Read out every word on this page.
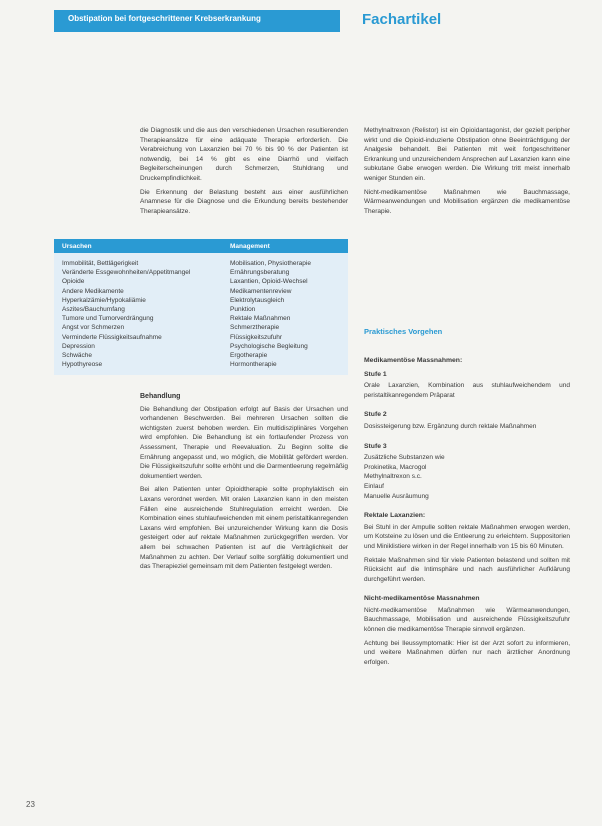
Obstipation bei fortgeschrittener Krebserkrankung	Fachartikel

die Diagnostik und die aus den verschiedenen Ursachen resultierenden Therapieansätze für eine adäquate Therapie erforderlich. Die Verabreichung von Laxanzien bei 70 % bis 90 % der Patienten ist notwendig, bei 14 % gibt es eine Diarrhö und vielfach Begleiterscheinungen durch Schmerzen, Stuhldrang und Druckempfindlichkeit.

Die Erkennung der Belastung besteht aus einer ausführlichen Anamnese für die Diagnose und die Erkundung bereits bestehender Therapieansätze.

Ursachen	Management
Immobilität, Bettlägerigkeit
Veränderte Essgewohnheiten/Appetitmangel
Opioide
Andere Medikamente
Hyperkalzämie/Hypokaliämie
Aszites/Bauchumfang
Tumore und Tumorverdrängung
Angst vor Schmerzen
Verminderte Flüssigkeitsaufnahme
Depression
Schwäche
Hypothyreose
Mobilisation, Physiotherapie
Ernährungsberatung
Laxantien, Opioid-Wechsel
Medikamentenreview
Elektrolytausgleich
Punktion
Rektale Maßnahmen
Schmerztherapie
Flüssigkeitszufuhr
Psychologische Begleitung
Ergotherapie
Hormontherapie
Behandlung

Die Behandlung der Obstipation erfolgt auf Basis der Ursachen und vorhandenen Beschwerden. Bei mehreren Ursachen sollten die wichtigsten zuerst behoben werden. Ein multidisziplinäres Vorgehen wird empfohlen. Die Behandlung ist ein fortlaufender Prozess von Assessment, Therapie und Reevaluation. Zu Beginn sollte die Ernährung angepasst und, wo möglich, die Mobilität gefördert werden. Die Flüssigkeitszufuhr sollte erhöht und die Darmentleerung regelmäßig dokumentiert werden.

Bei allen Patienten unter Opioidtherapie sollte prophylaktisch ein Laxans verordnet werden. Mit oralen Laxanzien kann in den meisten Fällen eine ausreichende Stuhlregulation erreicht werden. Die Kombination eines stuhlaufweichenden mit einem peristaltikanregenden Laxans wird empfohlen. Bei unzureichender Wirkung kann die Dosis gesteigert oder auf rektale Maßnahmen zurückgegriffen werden. Vor allem bei schwachen Patienten ist auf die Verträglichkeit der Maßnahmen zu achten. Der Verlauf sollte sorgfältig dokumentiert und das Therapieziel gemeinsam mit dem Patienten festgelegt werden.

Methylnaltrexon (Relistor) ist ein Opioidantagonist, der gezielt peripher wirkt und die Opioid-induzierte Obstipation ohne Beeinträchtigung der Analgesie behandelt. Bei Patienten mit weit fortgeschrittener Erkrankung und unzureichendem Ansprechen auf Laxanzien kann eine subkutane Gabe erwogen werden. Die Wirkung tritt meist innerhalb weniger Stunden ein.

Nicht-medikamentöse Maßnahmen wie Bauchmassage, Wärmeanwendungen und Mobilisation ergänzen die medikamentöse Therapie.

Praktisches Vorgehen
Medikamentöse Massnahmen:
Stufe 1

Orale Laxanzien, Kombination aus stuhlaufweichendem und peristaltikanregendem Präparat

Stufe 2

Dosissteigerung bzw. Ergänzung durch rektale Maßnahmen

Stufe 3
Zusätzliche Substanzen wie
Prokinetika, Macrogol
Methylnaltrexon s.c.
Einlauf
Manuelle Ausräumung
Rektale Laxanzien:

Bei Stuhl in der Ampulle sollten rektale Maßnahmen erwogen werden, um Kotsteine zu lösen und die Entleerung zu erleichtern. Suppositorien und Miniklistiere wirken in der Regel innerhalb von 15 bis 60 Minuten.

Rektale Maßnahmen sind für viele Patienten belastend und sollten mit Rücksicht auf die Intimsphäre und nach ausführlicher Aufklärung durchgeführt werden.

Nicht-medikamentöse Massnahmen

Nicht-medikamentöse Maßnahmen wie Wärmeanwendungen, Bauchmassage, Mobilisation und ausreichende Flüssigkeitszufuhr können die medikamentöse Therapie sinnvoll ergänzen.

Achtung bei Ileussymptomatik: Hier ist der Arzt sofort zu informieren, und weitere Maßnahmen dürfen nur nach ärztlicher Anordnung erfolgen.

23
